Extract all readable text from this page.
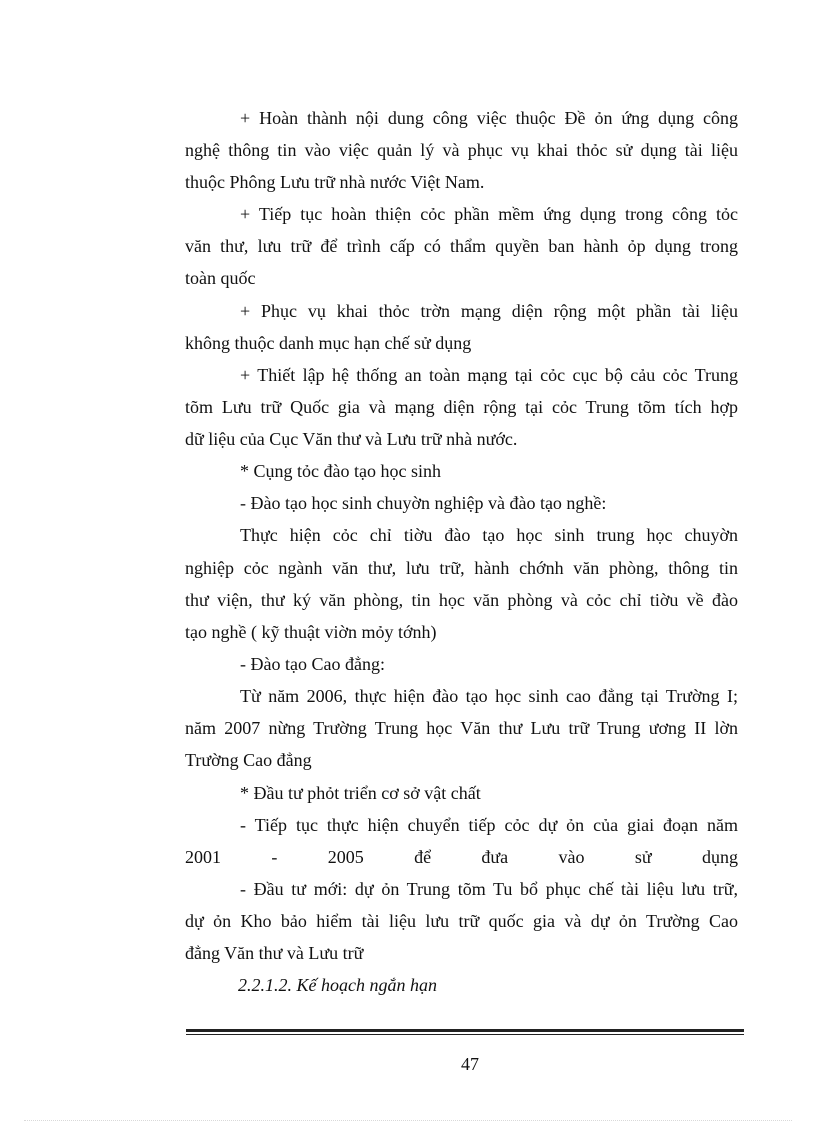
+ Hoàn thành nội dung công việc thuộc Đề ỏn ứng dụng công
nghệ thông tin vào việc quản lý và phục vụ khai thỏc sử dụng tài liệu
thuộc Phông Lưu trữ nhà nước Việt Nam.
+ Tiếp tục hoàn thiện cỏc phần mềm ứng dụng trong công tỏc
văn thư, lưu trữ để trình cấp có thẩm quyền ban hành ỏp dụng trong
toàn quốc
+ Phục vụ khai thỏc trờn mạng diện rộng một phần tài liệu
không thuộc danh mục hạn chế sử dụng
+ Thiết lập hệ thống an toàn mạng tại cỏc cục bộ cảu cỏc Trung
tõm Lưu trữ Quốc gia và mạng diện rộng tại cỏc Trung tõm tích hợp
dữ liệu của Cục Văn thư và Lưu trữ nhà nước.
* Cụng tỏc đào tạo học sinh
- Đào tạo học sinh chuyờn nghiệp và đào tạo nghề:
Thực hiện cỏc chỉ tiờu đào tạo học sinh trung học chuyờn
nghiệp cỏc ngành văn thư, lưu trữ, hành chớnh văn phòng, thông tin
thư viện, thư ký văn phòng, tin học văn phòng và cỏc chỉ tiờu về đào
tạo nghề ( kỹ thuật viờn mỏy tớnh)
- Đào tạo Cao đẳng:
Từ năm 2006, thực hiện đào tạo học sinh cao đẳng tại Trường I;
năm 2007 nừng Trường Trung học Văn thư Lưu trữ Trung ương II lờn
Trường Cao đẳng
* Đầu tư phỏt triển cơ sở vật chất
- Tiếp tục thực hiện chuyển tiếp cỏc dự ỏn của giai đoạn năm
2001 - 2005 để đưa vào sử dụng
- Đầu tư mới: dự ỏn Trung tõm Tu bổ phục chế tài liệu lưu trữ,
dự ỏn Kho bảo hiểm tài liệu lưu trữ quốc gia và dự ỏn Trường Cao
đẳng Văn thư và Lưu trữ
2.2.1.2. Kế hoạch ngắn hạn
47
